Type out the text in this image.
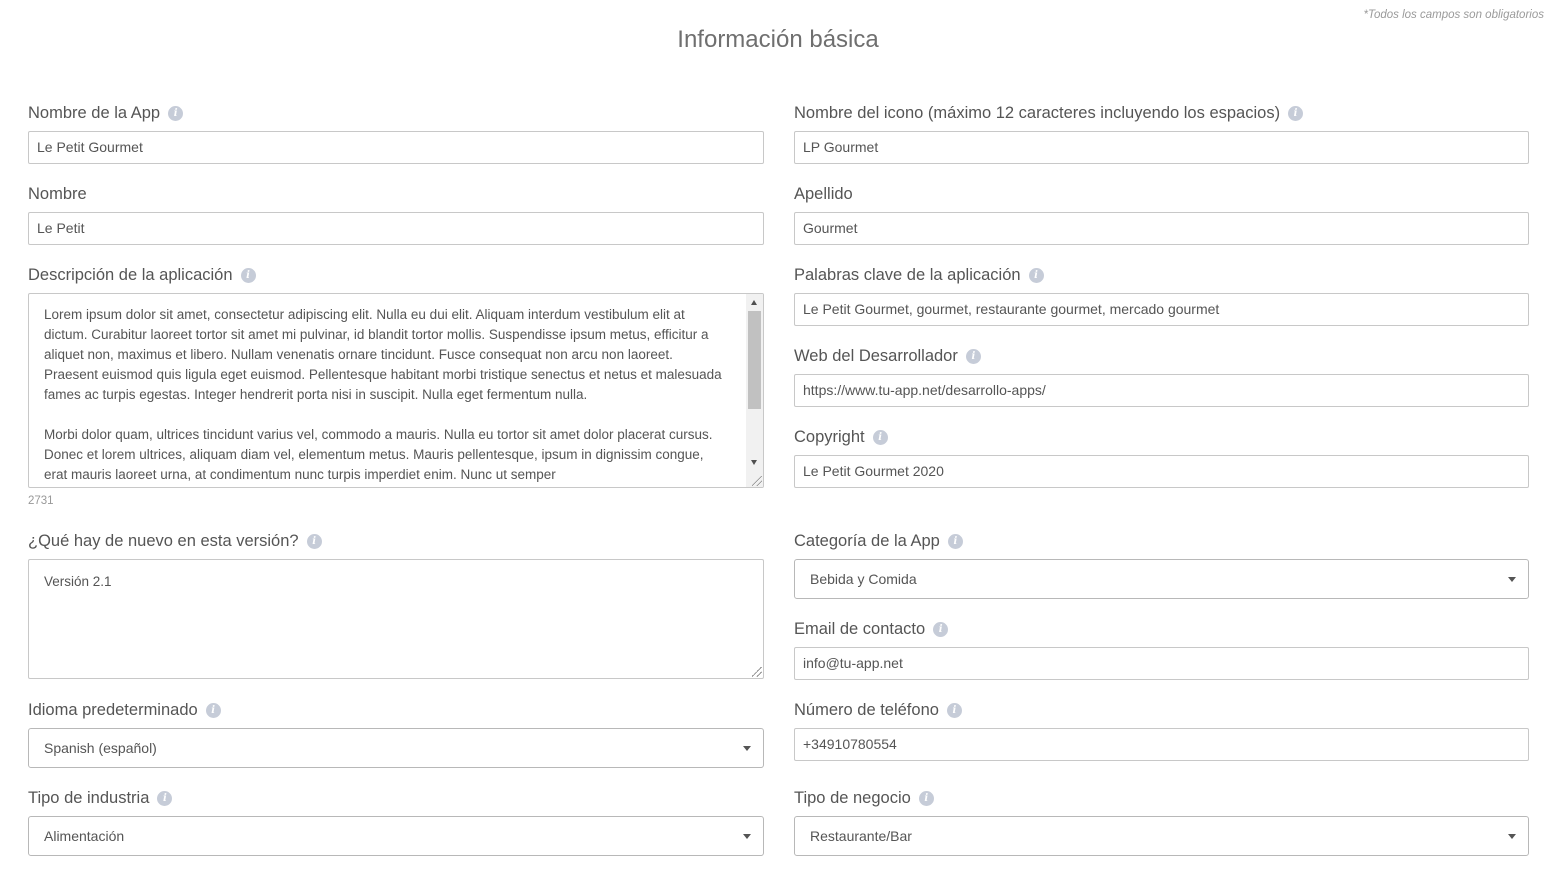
*Todos los campos son obligatorios
Información básica
Nombre de la App	i
Le Petit Gourmet
Nombre
Le Petit
Descripción de la aplicación	i
Lorem ipsum dolor sit amet, consectetur adipiscing elit. Nulla eu dui elit. Aliquam interdum vestibulum elit at dictum. Curabitur laoreet tortor sit amet mi pulvinar, id blandit tortor mollis. Suspendisse ipsum metus, efficitur a aliquet non, maximus et libero. Nullam venenatis ornare tincidunt. Fusce consequat non arcu non laoreet. Praesent euismod quis ligula eget euismod. Pellentesque habitant morbi tristique senectus et netus et malesuada fames ac turpis egestas. Integer hendrerit porta nisi in suscipit. Nulla eget fermentum nulla.

Morbi dolor quam, ultrices tincidunt varius vel, commodo a mauris. Nulla eu tortor sit amet dolor placerat cursus. Donec et lorem ultrices, aliquam diam vel, elementum metus. Mauris pellentesque, ipsum in dignissim congue, erat mauris laoreet urna, at condimentum nunc turpis imperdiet enim. Nunc ut semper
2731
¿Qué hay de nuevo en esta versión?	i
Versión 2.1
Idioma predeterminado	i
Spanish (español)
Tipo de industria	i
Alimentación
Nombre del icono (máximo 12 caracteres incluyendo los espacios)	i
LP Gourmet
Apellido
Gourmet
Palabras clave de la aplicación	i
Le Petit Gourmet, gourmet, restaurante gourmet, mercado gourmet
Web del Desarrollador	i
https://www.tu-app.net/desarrollo-apps/
Copyright	i
Le Petit Gourmet 2020
Categoría de la App	i
Bebida y Comida
Email de contacto	i
info@tu-app.net
Número de teléfono	i
+34910780554
Tipo de negocio	i
Restaurante/Bar
